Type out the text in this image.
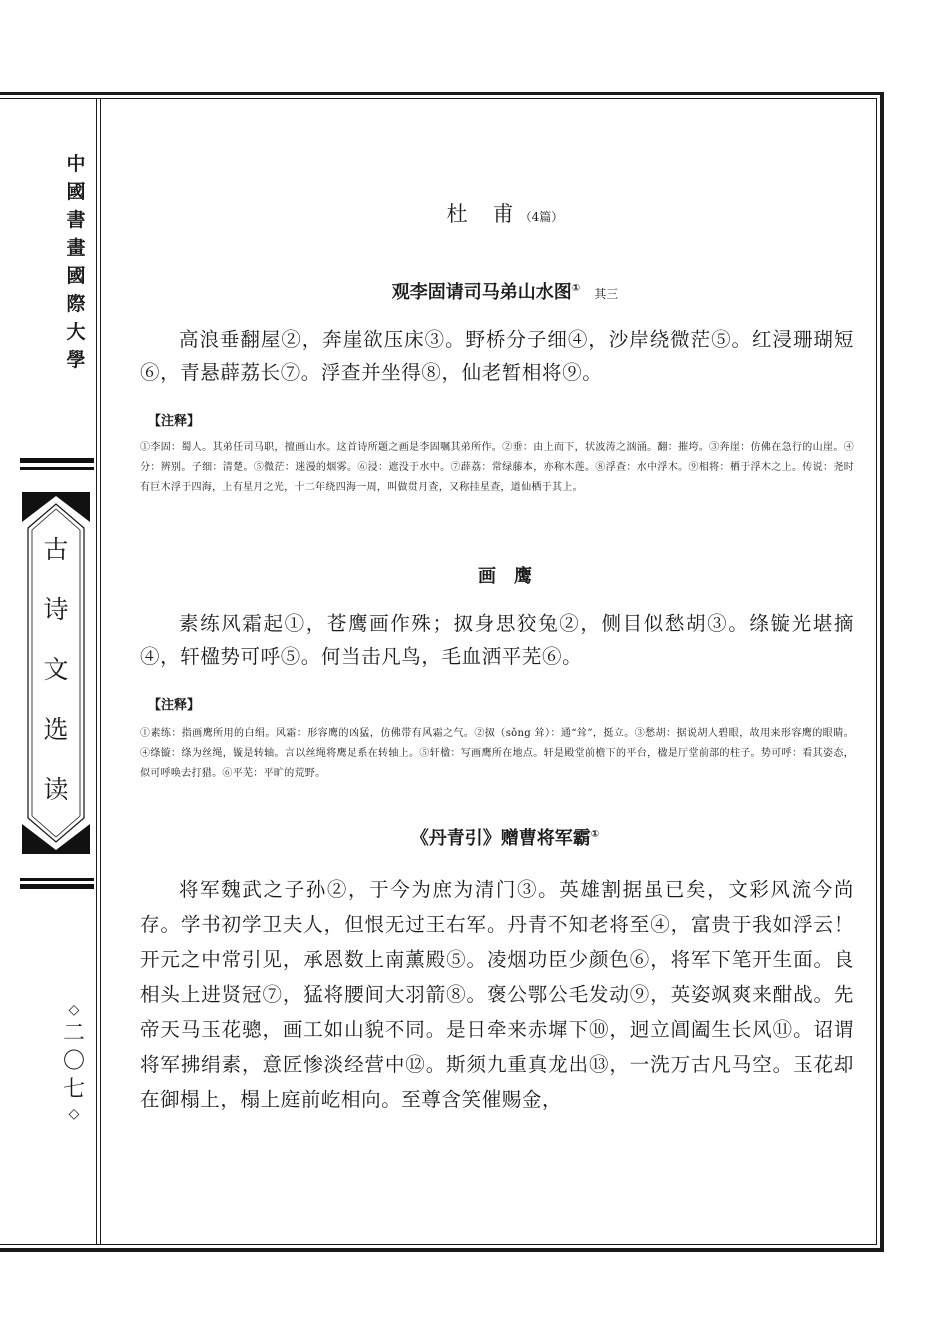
中
國
書
畫
國
際
大
學
古
诗
文
选
读
◇
二
〇
七
◇
杜　甫 （4篇）
观李固请司马弟山水图① 其三
高浪垂翻屋②，奔崖欲压床③。野桥分子细④，沙岸绕微茫⑤。红浸珊瑚短⑥，青悬薜荔长⑦。浮查并坐得⑧，仙老暂相将⑨。
【注释】
①李固：蜀人。其弟任司马职，擅画山水。这首诗所题之画是李固嘱其弟所作。②垂：由上而下，状波涛之汹涌。翻：摧垮。③奔崖：仿佛在急行的山崖。④分：辨别。子细：清楚。⑤微茫：迷漫的烟雾。⑥浸：遮没于水中。⑦薜荔：常绿藤本，亦称木莲。⑧浮查：水中浮木。⑨相将：栖于浮木之上。传说：尧时有巨木浮于四海，上有星月之光，十二年绕四海一周，叫做贯月查，又称挂星查，道仙栖于其上。
画　鹰
素练风霜起①，苍鹰画作殊；㧐身思狡兔②，侧目似愁胡③。绦镟光堪摘④，轩楹势可呼⑤。何当击凡鸟，毛血洒平芜⑥。
【注释】
①素练：指画鹰所用的白绢。风霜：形容鹰的凶猛，仿佛带有风霜之气。②㧐（sǒng 耸）：通“耸”，挺立。③愁胡：据说胡人碧眼，故用来形容鹰的眼睛。④绦镟：绦为丝绳，镟是转轴。言以丝绳将鹰足系在转轴上。⑤轩楹：写画鹰所在地点。轩是殿堂前檐下的平台，楹是厅堂前部的柱子。势可呼：看其姿态，似可呼唤去打猎。⑥平芜：平旷的荒野。
《丹青引》赠曹将军霸①
将军魏武之子孙②，于今为庶为清门③。英雄割据虽已矣，文彩风流今尚存。学书初学卫夫人，但恨无过王右军。丹青不知老将至④，富贵于我如浮云！开元之中常引见，承恩数上南薰殿⑤。凌烟功臣少颜色⑥，将军下笔开生面。良相头上进贤冠⑦，猛将腰间大羽箭⑧。褒公鄂公毛发动⑨，英姿飒爽来酣战。先帝天马玉花骢，画工如山貌不同。是日牵来赤墀下⑩，迥立阊阖生长风⑪。诏谓将军拂绢素，意匠惨淡经营中⑫。斯须九重真龙出⑬，一洗万古凡马空。玉花却在御榻上，榻上庭前屹相向。至尊含笑催赐金，
